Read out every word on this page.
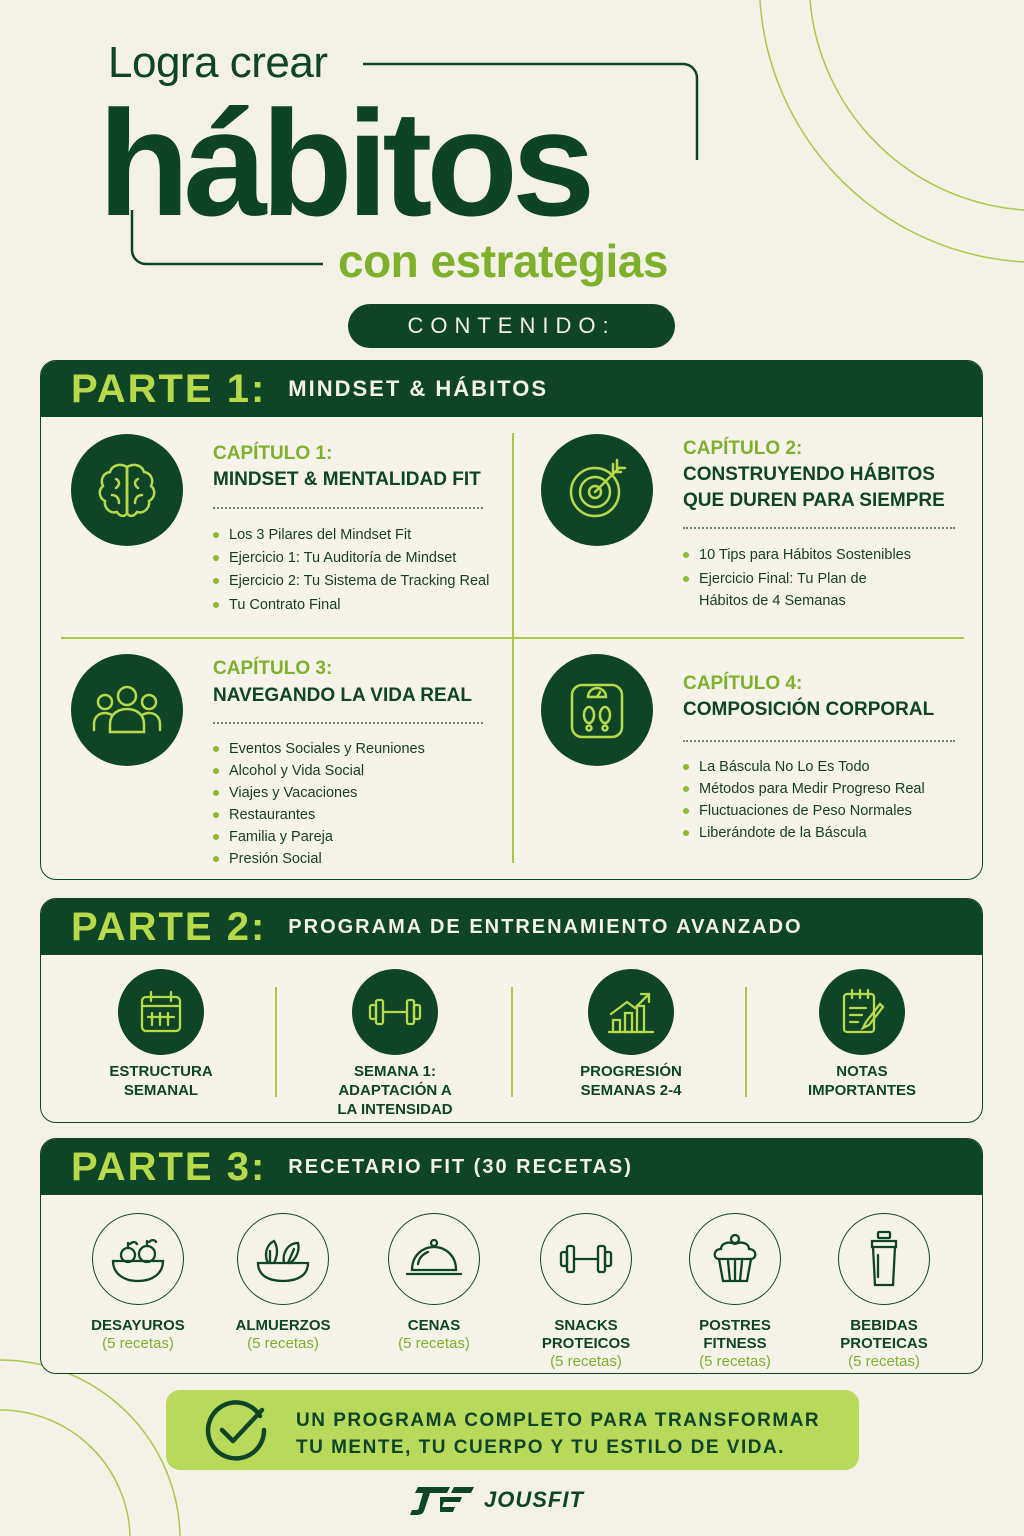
Logra crear
hábitos
con estrategias
CONTENIDO:
PARTE 1: MINDSET & HÁBITOS
CAPÍTULO 1:
MINDSET & MENTALIDAD FIT
Los 3 Pilares del Mindset Fit
Ejercicio 1: Tu Auditoría de Mindset
Ejercicio 2: Tu Sistema de Tracking Real
Tu Contrato Final
CAPÍTULO 2:
CONSTRUYENDO HÁBITOS
QUE DUREN PARA SIEMPRE
10 Tips para Hábitos Sostenibles
Ejercicio Final: Tu Plan de
Hábitos de 4 Semanas
CAPÍTULO 3:
NAVEGANDO LA VIDA REAL
Eventos Sociales y Reuniones
Alcohol y Vida Social
Viajes y Vacaciones
Restaurantes
Familia y Pareja
Presión Social
CAPÍTULO 4:
COMPOSICIÓN CORPORAL
La Báscula No Lo Es Todo
Métodos para Medir Progreso Real
Fluctuaciones de Peso Normales
Liberándote de la Báscula
PARTE 2: PROGRAMA DE ENTRENAMIENTO AVANZADO
ESTRUCTURA
SEMANAL
SEMANA 1:
ADAPTACIÓN A
LA INTENSIDAD
PROGRESIÓN
SEMANAS 2-4
NOTAS
IMPORTANTES
PARTE 3: RECETARIO FIT (30 RECETAS)
DESAYUROS
(5 recetas)
ALMUERZOS
(5 recetas)
CENAS
(5 recetas)
SNACKS
PROTEICOS
(5 recetas)
POSTRES
FITNESS
(5 recetas)
BEBIDAS
PROTEICAS
(5 recetas)
UN PROGRAMA COMPLETO PARA TRANSFORMAR
TU MENTE, TU CUERPO Y TU ESTILO DE VIDA.
JOUSFIT
